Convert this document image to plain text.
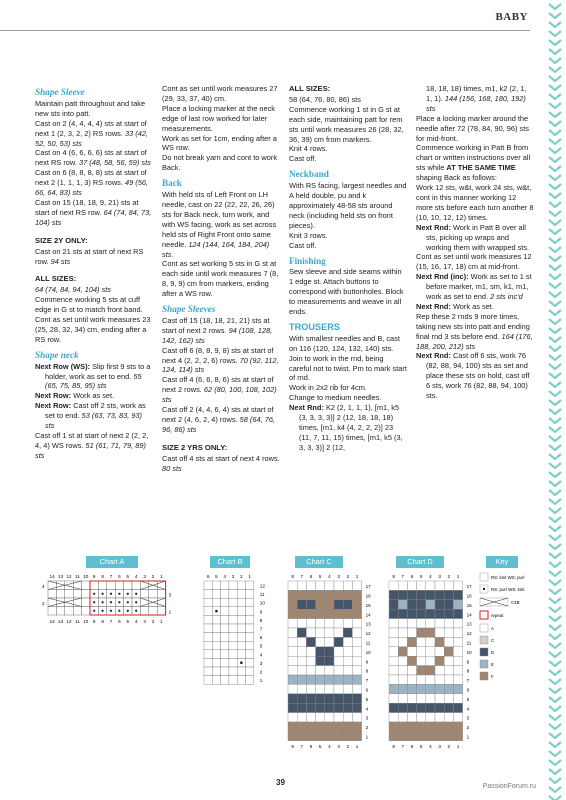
BABY
Shape Sleeve

Maintain patt throughout and take new sts into patt.

Cast on 2 (4, 4, 4, 4) sts at start of next 1 (2, 3, 2, 2) RS rows. 33 (42, 52, 50, 53) sts

Cast on 4 (6, 6, 6, 6) sts at start of next RS row. 37 (48, 58, 56, 59) sts

Cast on 6 (8, 8, 8, 8) sts at start of next 2 (1, 1, 1, 3) RS rows. 49 (56, 66, 64, 83) sts

Cast on 15 (18, 18, 9, 21) sts at start of next RS row. 64 (74, 84, 73, 104) sts

SIZE 2Y ONLY:

Cast on 21 sts at start of next RS row. 94 sts

ALL SIZES:

64 (74, 84, 94, 104) sts

Commence working 5 sts at cuff edge in G st to match front band.

Cont as set until work measures 23 (25, 28, 32, 34) cm, ending after a RS row.

Shape neck

Next Row (WS): Slip first 9 sts to a holder, work as set to end. 55 (65, 75, 85, 95) sts

Next Row: Work as set.

Next Row: Cast off 2 sts, work as set to end. 53 (63, 73, 83, 93) sts

Cast off 1 st at start of next 2 (2, 2, 4, 4) WS rows. 51 (61, 71, 79, 89) sts

Cont as set until work measures 27 (29, 33, 37, 40) cm.

Place a locking marker at the neck edge of last row worked for later measurements.

Work as set for 1cm, ending after a WS row.

Do not break yarn and cont to work Back.

Back

With held sts of Left Front on LH needle, cast on 22 (22, 22, 26, 26) sts for Back neck, turn work, and with WS facing, work as set across held sts of Right Front onto same needle. 124 (144, 164, 184, 204) sts.

Cont as set working 5 sts in G st at each side until work measures 7 (8, 8, 9, 9) cm from markers, ending after a WS row.

Shape Sleeves

Cast off 15 (18, 18, 21, 21) sts at start of next 2 rows. 94 (108, 128, 142, 162) sts

Cast off 6 (8, 8, 9, 8) sts at start of next 4 (2, 2, 2, 6) rows. 70 (92, 112, 124, 114) sts

Cast off 4 (6, 6, 8, 6) sts at start of next 2 rows. 62 (80, 100, 108, 102) sts

Cast off 2 (4, 4, 6, 4) sts at start of next 2 (4, 6, 2, 4) rows. 58 (64, 76, 96, 86) sts

SIZE 2 YRS ONLY:

Cast off 4 sts at start of next 4 rows. 80 sts

ALL SIZES:

58 (64, 76, 80, 86) sts

Commence working 1 st in G st at each side, maintaining patt for rem sts until work measures 26 (28, 32, 36, 39) cm from markers.

Knit 4 rows.

Cast off.

Neckband

With RS facing, largest needles and A held double, pu and k approximately 48-58 sts around neck (including held sts on front pieces).

Knit 3 rows.

Cast off.

Finishing

Sew sleeve and side seams within 1 edge st. Attach buttons to correspond with buttonholes. Block to measurements and weave in all ends.

TROUSERS

With smallest needles and B, cast on 116 (120, 124, 132, 140) sts. Join to work in the rnd, being careful not to twist. Pm to mark start of rnd.

Work in 2x2 rib for 4cm.

Change to medium needles.

Next Rnd: K2 (2, 1, 1, 1), [m1, k5 (3, 3, 3, 3)] 2 (12, 18, 18, 18) times, [m1, k4 (4, 2, 2, 2)] 23 (11, 7, 11, 15) times, [m1, k5 (3, 3, 3, 3)] 2 (12,

18, 18, 18) times, m1, k2 (2, 1, 1, 1). 144 (156, 168, 180, 192) sts

Place a locking marker around the needle after 72 (78, 84, 90, 96) sts for mid-front.

Commence working in Patt B from chart or written instructions over all sts while AT THE SAME TIME shaping Back as follows:

Work 12 sts, w&t, work 24 sts, w&t, cont in this manner working 12 more sts before each turn another 8 (10, 10, 12, 12) times.

Next Rnd: Work in Patt B over all sts, picking up wraps and working them with wrapped sts.

Cont as set until work measures 12 (15, 16, 17, 18) cm at mid-front.

Next Rnd (inc): Work as set to 1 st before marker, m1, sm, k1, m1, work as set to end. 2 sts inc'd

Next Rnd: Work as set.

Rep these 2 rnds 9 more times, taking new sts into patt and ending final rnd 3 sts before end. 164 (176, 188, 200, 212) sts

Next Rnd: Cast off 6 sts, work 76 (82, 88, 94, 100) sts as set and place these sts on hold, cast off 6 sts, work 76 (82, 88, 94, 100) sts.

Chart A	Chart B	Chart C	Chart D	Key
14
14
13
13
12
12
11
11
10
10
9
9
8
8
7
7
6
6
5
5
4
4
3
3
2
2
1
1
4
2
3
1
6 5 4 3 2 1
12
11
10
9
8
7
6
5
4
3
2
1
8
8
7
7
6
6
5
5
4
4
3
3
2
2
1
1
17
16
15
14
13
12
11
10
9
8
7
6
5
4
3
2
1
8
8
7
7
6
6
5
5
4
4
3
3
2
2
1
1
17
16
15
14
13
12
11
10
9
8
7
6
5
4
3
2
1
RS: knit WS: purl
RS: purl WS: knit
C4B
repeat
A
C
D
E
F
39	PassionForum.ru
